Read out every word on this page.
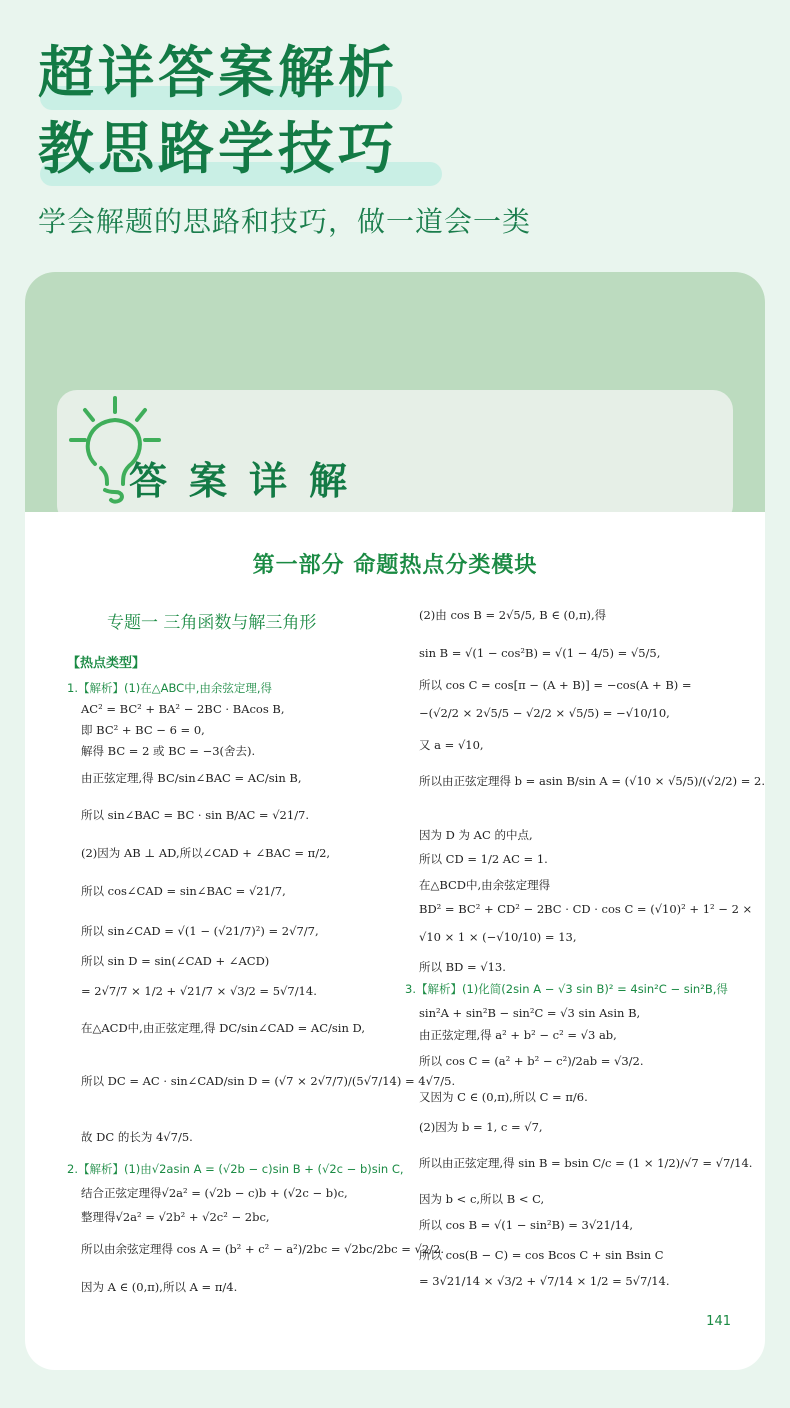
超详答案解析
教思路学技巧
学会解题的思路和技巧，做一道会一类
答案详解
第一部分 命题热点分类模块
专题一 三角函数与解三角形
【热点类型】
1.【解析】(1)在△ABC中,由余弦定理,得
AC² = BC² + BA² − 2BC · BAcos B,
即 BC² + BC − 6 = 0,
解得 BC = 2 或 BC = −3(舍去).
由正弦定理,得 BC/sin∠BAC = AC/sin B,
所以 sin∠BAC = BC · sin B/AC = √21/7.
(2)因为 AB ⊥ AD,所以∠CAD + ∠BAC = π/2,
所以 cos∠CAD = sin∠BAC = √21/7,
所以 sin∠CAD = √(1 − (√21/7)²) = 2√7/7,
所以 sin D = sin(∠CAD + ∠ACD)
= 2√7/7 × 1/2 + √21/7 × √3/2 = 5√7/14.
在△ACD中,由正弦定理,得 DC/sin∠CAD = AC/sin D,
所以 DC = AC · sin∠CAD/sin D = (√7 × 2√7/7)/(5√7/14) = 4√7/5.
故 DC 的长为 4√7/5.
2.【解析】(1)由√2asin A = (√2b − c)sin B + (√2c − b)sin C,
结合正弦定理得√2a² = (√2b − c)b + (√2c − b)c,
整理得√2a² = √2b² + √2c² − 2bc,
所以由余弦定理得 cos A = (b² + c² − a²)/2bc = √2bc/2bc = √2/2.
因为 A ∈ (0,π),所以 A = π/4.
(2)由 cos B = 2√5/5, B ∈ (0,π),得
sin B = √(1 − cos²B) = √(1 − 4/5) = √5/5,
所以 cos C = cos[π − (A + B)] = −cos(A + B) =
−(√2/2 × 2√5/5 − √2/2 × √5/5) = −√10/10,
又 a = √10,
所以由正弦定理得 b = asin B/sin A = (√10 × √5/5)/(√2/2) = 2.
因为 D 为 AC 的中点,
所以 CD = 1/2 AC = 1.
在△BCD中,由余弦定理得
BD² = BC² + CD² − 2BC · CD · cos C = (√10)² + 1² − 2 ×
√10 × 1 × (−√10/10) = 13,
所以 BD = √13.
3.【解析】(1)化简(2sin A − √3 sin B)² = 4sin²C − sin²B,得
sin²A + sin²B − sin²C = √3 sin Asin B,
由正弦定理,得 a² + b² − c² = √3 ab,
所以 cos C = (a² + b² − c²)/2ab = √3/2.
又因为 C ∈ (0,π),所以 C = π/6.
(2)因为 b = 1, c = √7,
所以由正弦定理,得 sin B = bsin C/c = (1 × 1/2)/√7 = √7/14.
因为 b < c,所以 B < C,
所以 cos B = √(1 − sin²B) = 3√21/14,
所以 cos(B − C) = cos Bcos C + sin Bsin C
= 3√21/14 × √3/2 + √7/14 × 1/2 = 5√7/14.
141
